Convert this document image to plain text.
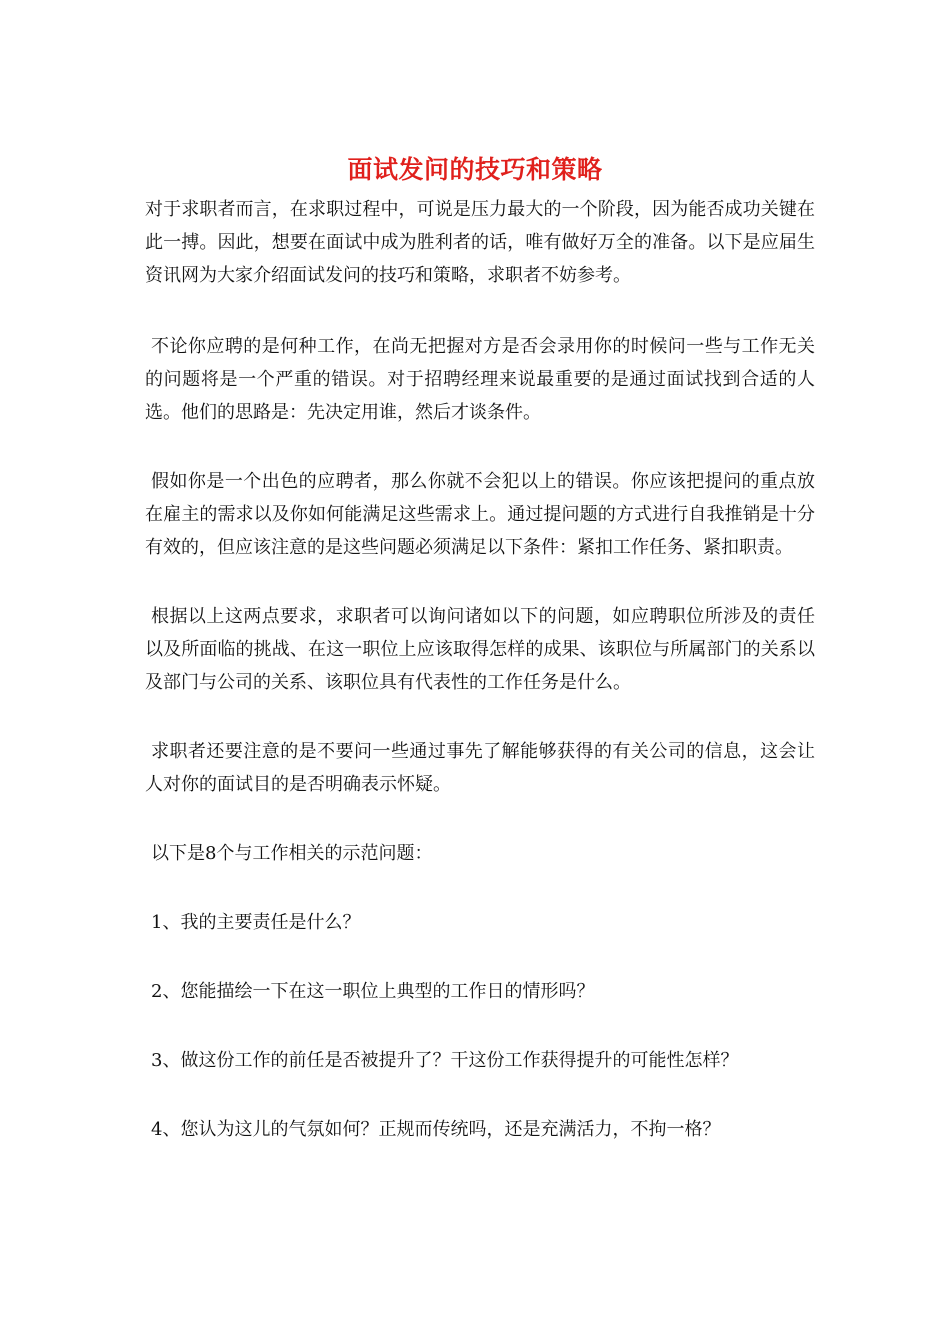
面试发问的技巧和策略

对于求职者而言，在求职过程中，可说是压力最大的一个阶段，因为能否成功关键在此一搏。因此，想要在面试中成为胜利者的话，唯有做好万全的准备。以下是应届生资讯网为大家介绍面试发问的技巧和策略，求职者不妨参考。

不论你应聘的是何种工作，在尚无把握对方是否会录用你的时候问一些与工作无关的问题将是一个严重的错误。对于招聘经理来说最重要的是通过面试找到合适的人选。他们的思路是：先决定用谁，然后才谈条件。

假如你是一个出色的应聘者，那么你就不会犯以上的错误。你应该把提问的重点放在雇主的需求以及你如何能满足这些需求上。通过提问题的方式进行自我推销是十分有效的，但应该注意的是这些问题必须满足以下条件：紧扣工作任务、紧扣职责。

根据以上这两点要求，求职者可以询问诸如以下的问题，如应聘职位所涉及的责任以及所面临的挑战、在这一职位上应该取得怎样的成果、该职位与所属部门的关系以及部门与公司的关系、该职位具有代表性的工作任务是什么。

求职者还要注意的是不要问一些通过事先了解能够获得的有关公司的信息，这会让人对你的面试目的是否明确表示怀疑。

以下是8个与工作相关的示范问题：

1、我的主要责任是什么？

2、您能描绘一下在这一职位上典型的工作日的情形吗？

3、做这份工作的前任是否被提升了？干这份工作获得提升的可能性怎样？

4、您认为这儿的气氛如何？正规而传统吗，还是充满活力，不拘一格？
